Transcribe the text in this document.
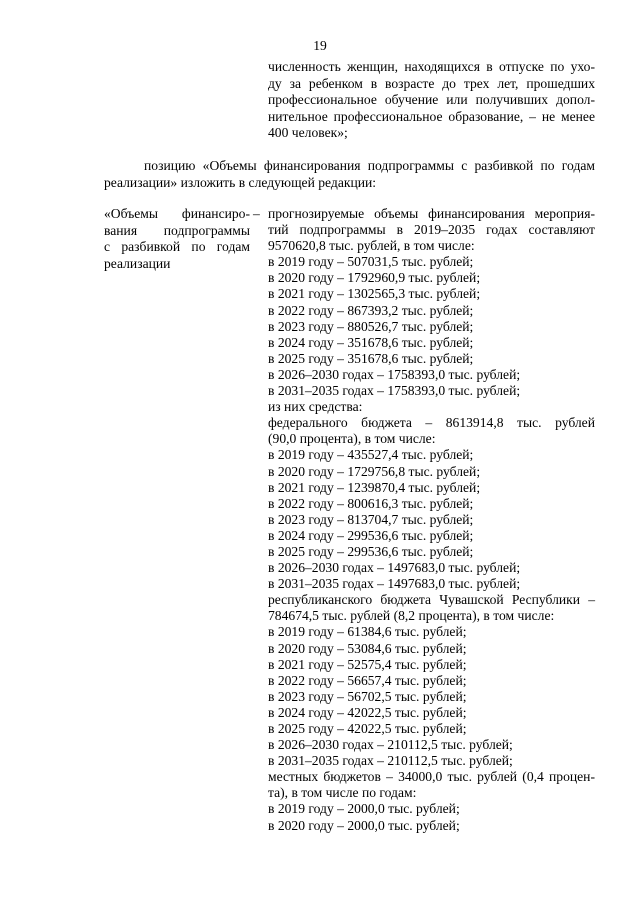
19
численность женщин, находящихся в отпуске по ухо-
ду за ребенком в возрасте до трех лет, прошедших
профессиональное обучение или получивших допол-
нительное профессиональное образование, – не менее
400 человек»;
позицию «Объемы финансирования подпрограммы с разбивкой по годам
реализации» изложить в следующей редакции:
«Объемы финансиро-
вания подпрограммы
с разбивкой по годам
реализации
– прогнозируемые объемы финансирования мероприя-
тий подпрограммы в 2019–2035 годах составляют
9570620,8 тыс. рублей, в том числе:
в 2019 году – 507031,5 тыс. рублей;
в 2020 году – 1792960,9 тыс. рублей;
в 2021 году – 1302565,3 тыс. рублей;
в 2022 году – 867393,2 тыс. рублей;
в 2023 году – 880526,7 тыс. рублей;
в 2024 году – 351678,6 тыс. рублей;
в 2025 году – 351678,6 тыс. рублей;
в 2026–2030 годах – 1758393,0 тыс. рублей;
в 2031–2035 годах – 1758393,0 тыс. рублей;
из них средства:
федерального бюджета – 8613914,8 тыс. рублей
(90,0 процента), в том числе:
в 2019 году – 435527,4 тыс. рублей;
в 2020 году – 1729756,8 тыс. рублей;
в 2021 году – 1239870,4 тыс. рублей;
в 2022 году – 800616,3 тыс. рублей;
в 2023 году – 813704,7 тыс. рублей;
в 2024 году – 299536,6 тыс. рублей;
в 2025 году – 299536,6 тыс. рублей;
в 2026–2030 годах – 1497683,0 тыс. рублей;
в 2031–2035 годах – 1497683,0 тыс. рублей;
республиканского бюджета Чувашской Республики –
784674,5 тыс. рублей (8,2 процента), в том числе:
в 2019 году – 61384,6 тыс. рублей;
в 2020 году – 53084,6 тыс. рублей;
в 2021 году – 52575,4 тыс. рублей;
в 2022 году – 56657,4 тыс. рублей;
в 2023 году – 56702,5 тыс. рублей;
в 2024 году – 42022,5 тыс. рублей;
в 2025 году – 42022,5 тыс. рублей;
в 2026–2030 годах – 210112,5 тыс. рублей;
в 2031–2035 годах – 210112,5 тыс. рублей;
местных бюджетов – 34000,0 тыс. рублей (0,4 процен-
та), в том числе по годам:
в 2019 году – 2000,0 тыс. рублей;
в 2020 году – 2000,0 тыс. рублей;
